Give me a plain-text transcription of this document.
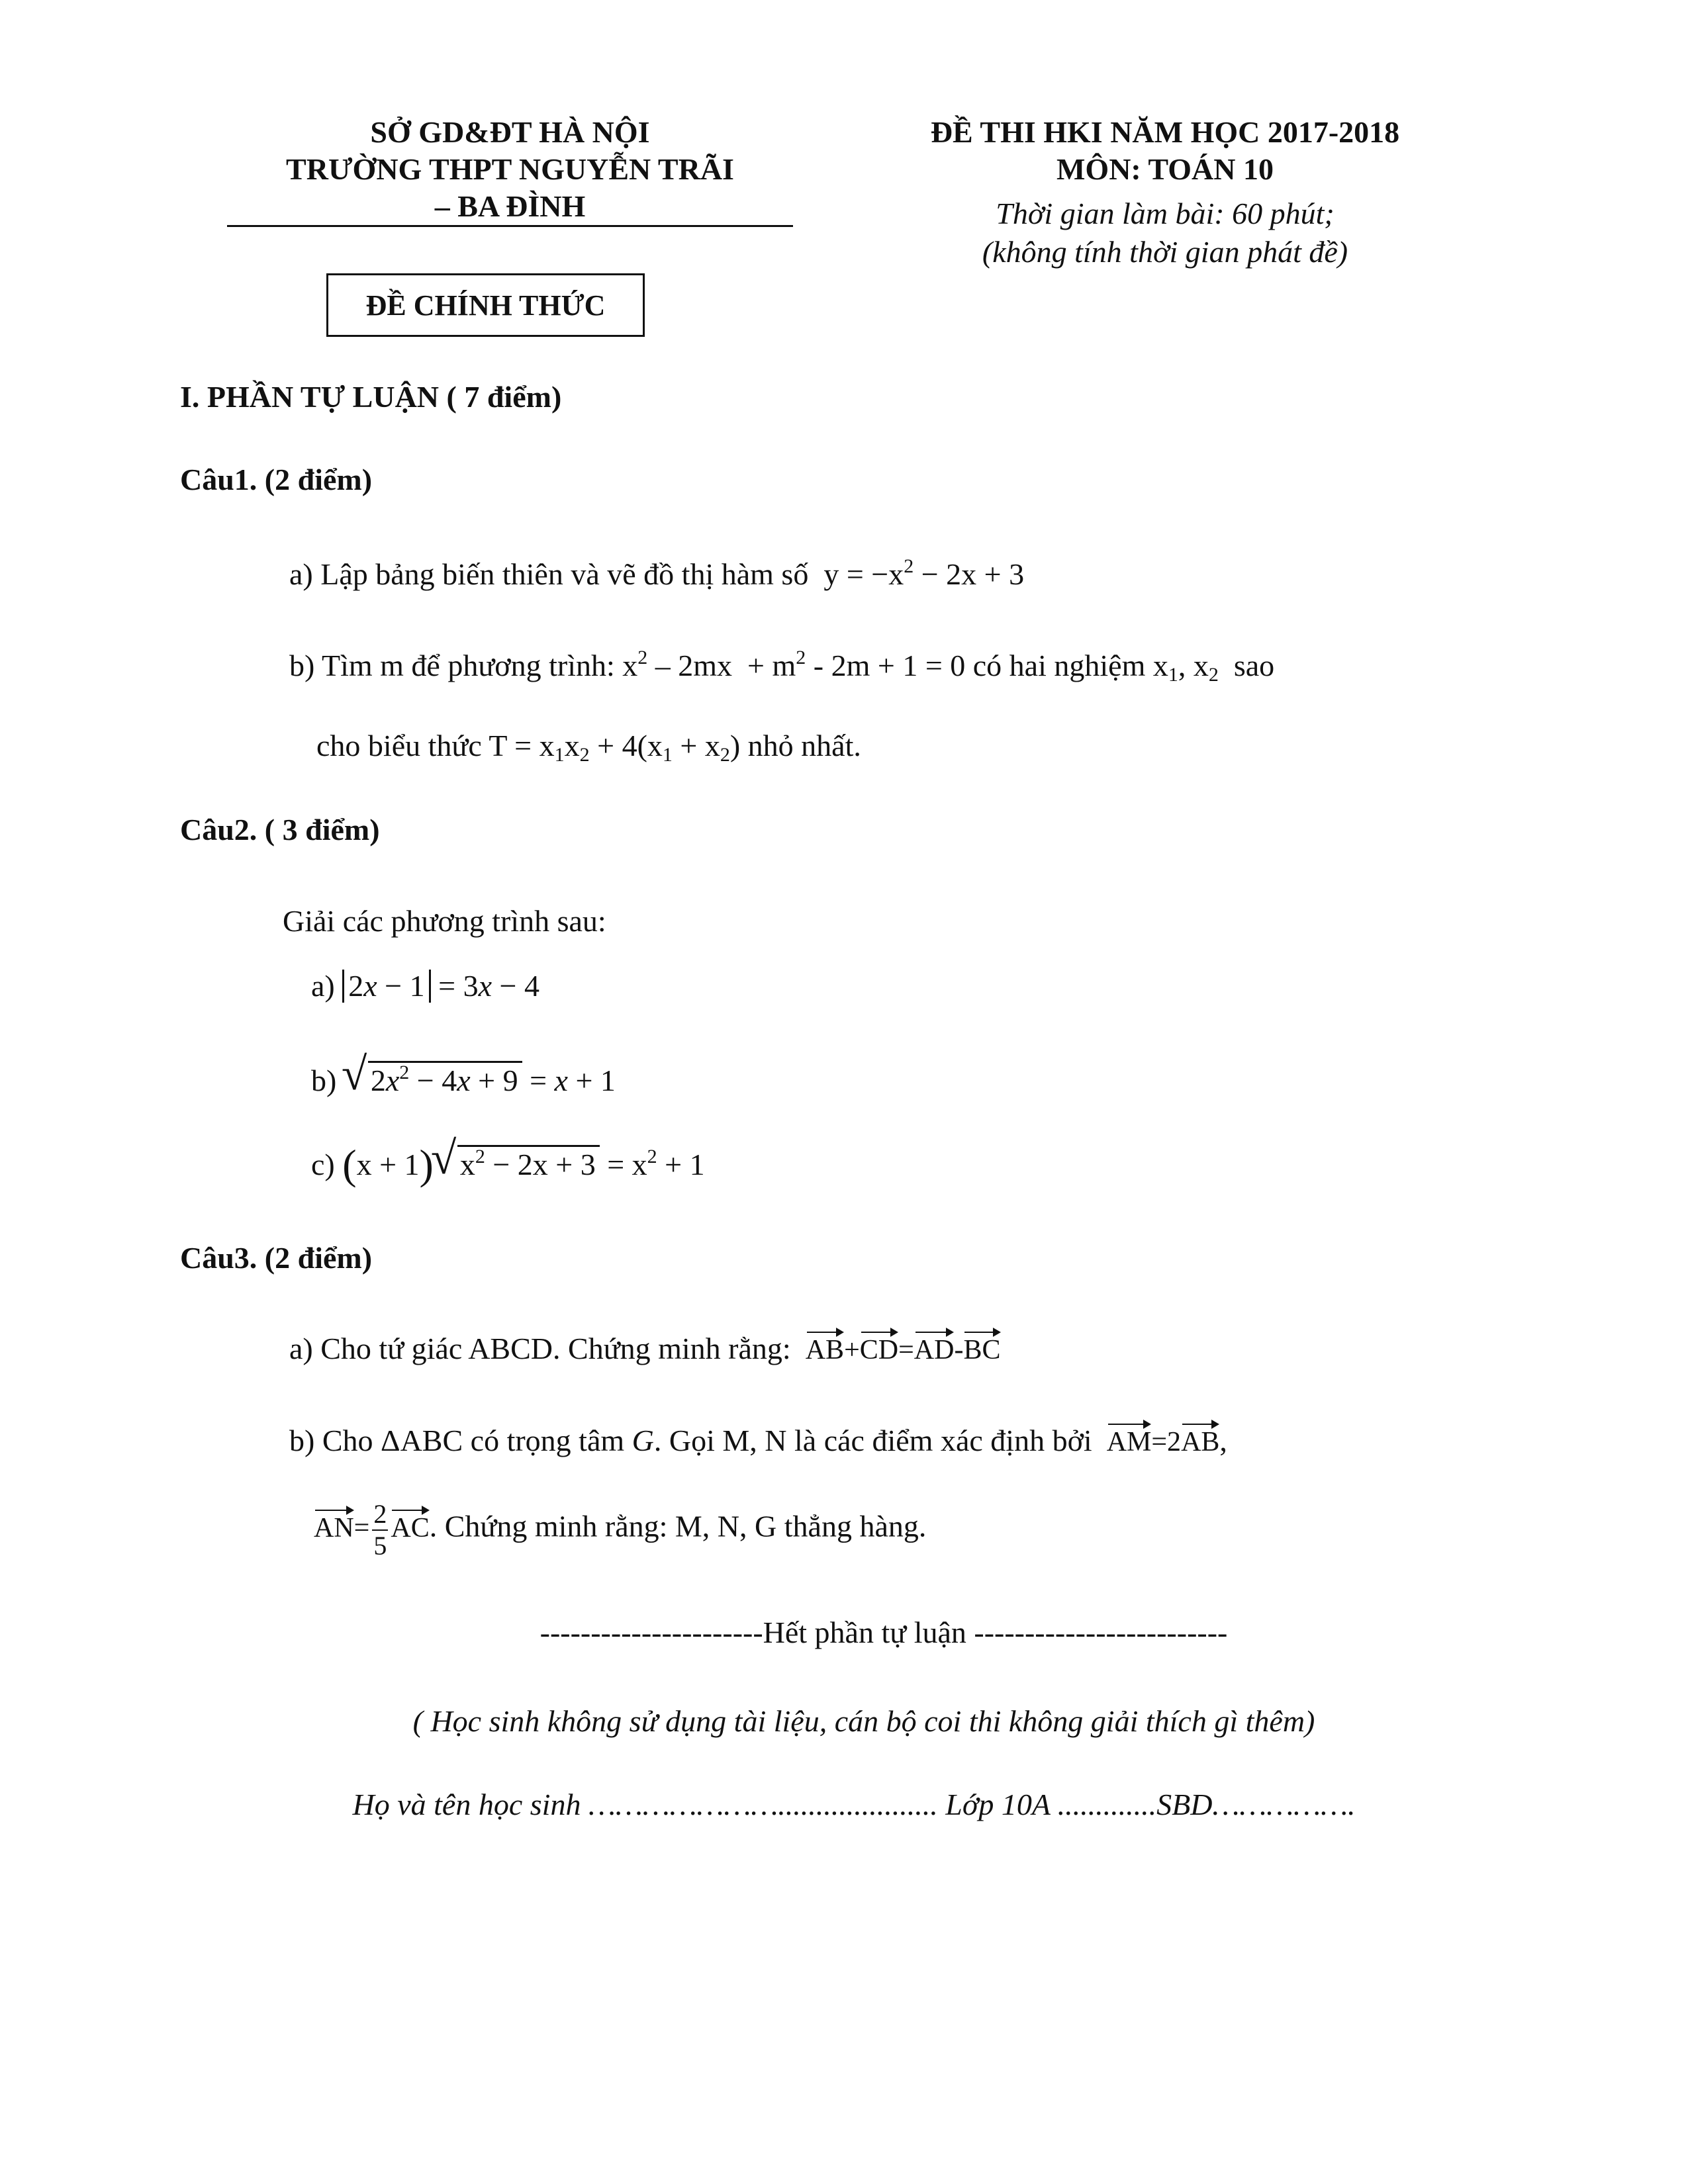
SỞ GD&ĐT HÀ NỘI
TRƯỜNG THPT NGUYỄN TRÃI
– BA ĐÌNH
ĐỀ CHÍNH THỨC
ĐỀ THI HKI NĂM HỌC 2017-2018
MÔN: TOÁN 10
Thời gian làm bài: 60 phút;
(không tính thời gian phát đề)
I. PHẦN TỰ LUẬN ( 7 điểm)
Câu1. (2 điểm)
a) Lập bảng biến thiên và vẽ đồ thị hàm số  $y = -x^2 - 2x + 3$
b) Tìm m để phương trình: $x^2 - 2mx + m^2 - 2m + 1 = 0$ có hai nghiệm $x_1$, $x_2$ sao
cho biểu thức $T = x_1x_2 + 4(x_1 + x_2)$ nhỏ nhất.
Câu2. ( 3 điểm)
Giải các phương trình sau:
a) 2x − 1 = 3x − 4
b) √ $2x^2 - 4x + 9 = x + 1$
c) (x + 1)
√ $x^2 - 2x + 3 = x^2 + 1$
Câu3. (2 điểm)
a) Cho tứ giác ABCD. Chứng minh rằng: AB+CD=AD-BC
b) Cho ΔABC có trọng tâm G. Gọi M, N là các điểm xác định bởi AM=2AB,
$AN= \frac{2}{5}$ AC. Chứng minh rằng: M, N, G thẳng hàng.
----------------------Hết phần tự luận -------------------------
( Học sinh không sử dụng tài liệu, cán bộ coi thi không giải thích gì thêm)
Họ và tên học sinh …………………..................... Lớp 10A .............SBD…………….
